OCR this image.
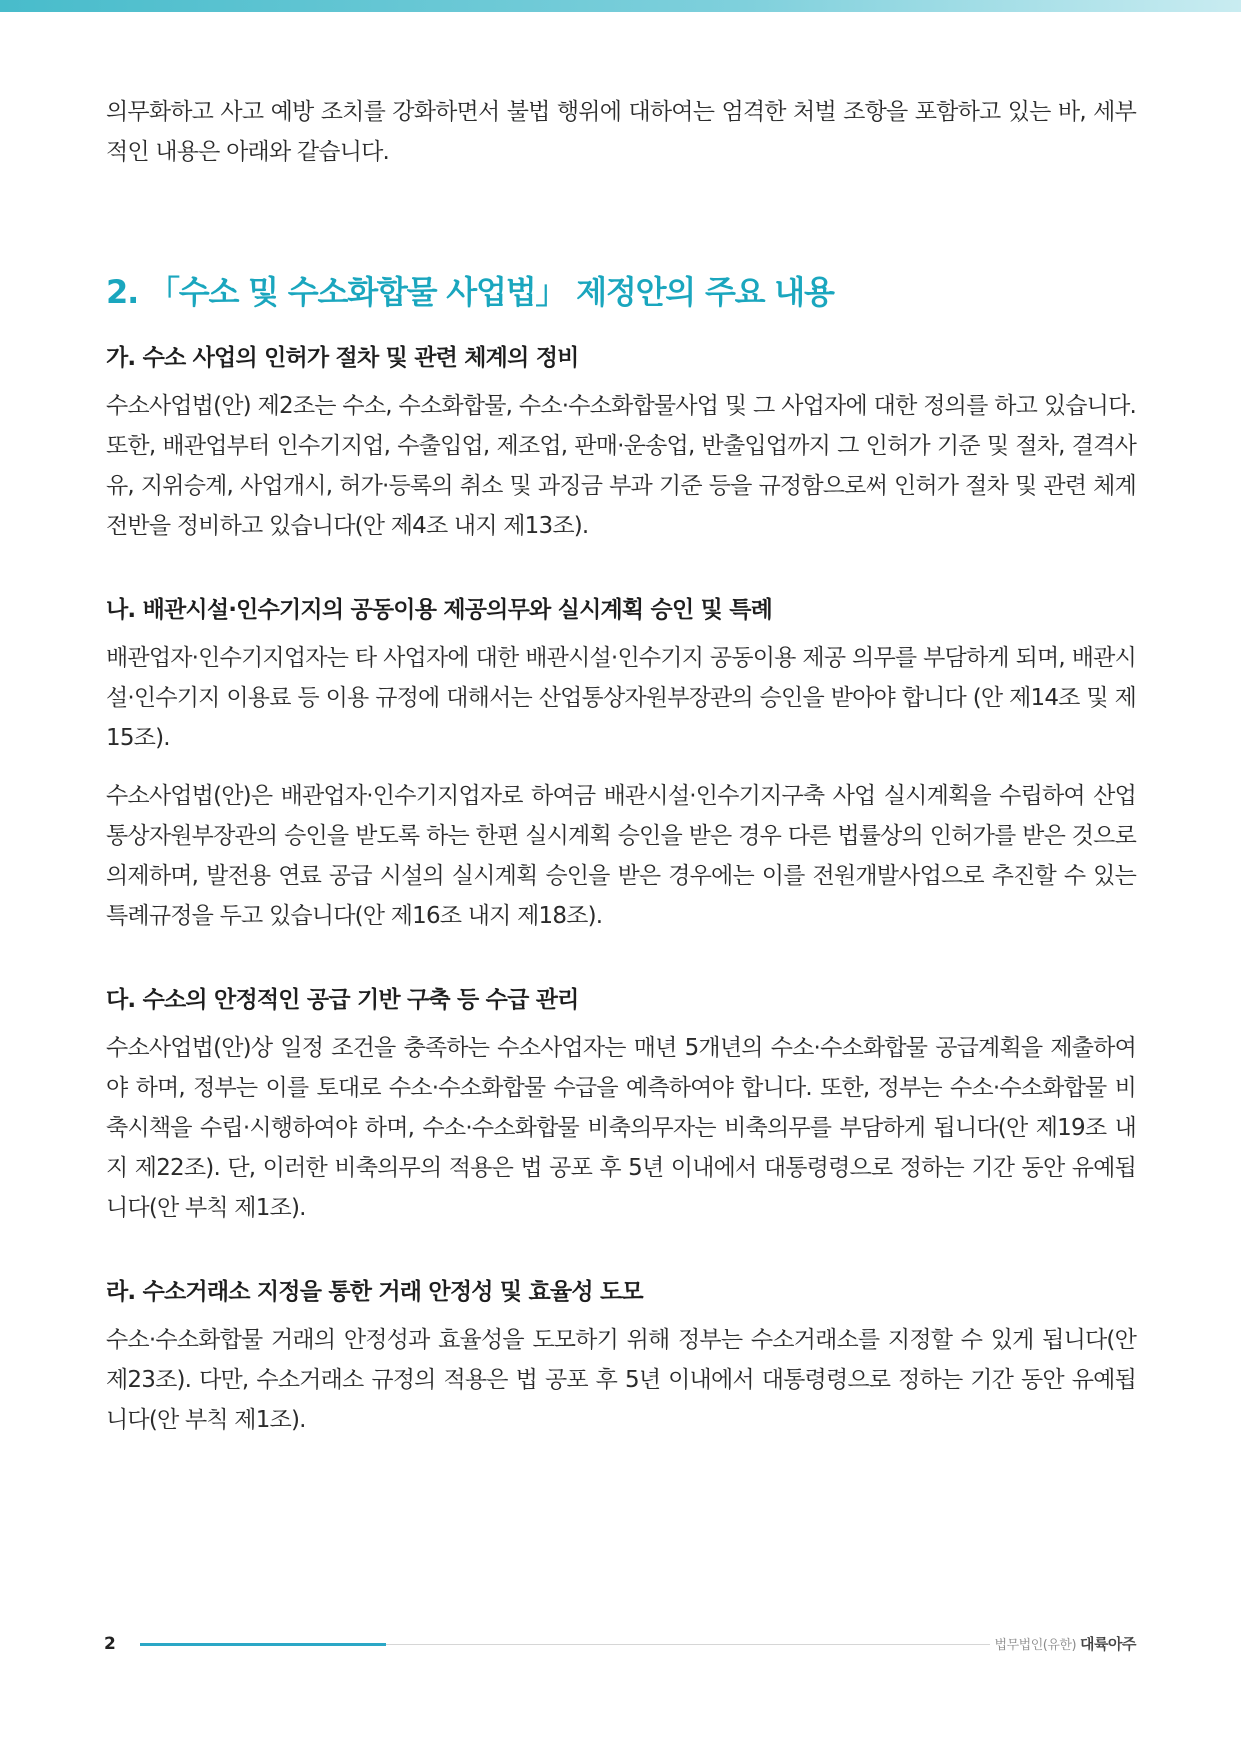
의무화하고 사고 예방 조치를 강화하면서 불법 행위에 대하여는 엄격한 처벌 조항을 포함하고 있는 바, 세부적인 내용은 아래와 같습니다.

2. 「수소 및 수소화합물 사업법」 제정안의 주요 내용
가. 수소 사업의 인허가 절차 및 관련 체계의 정비

수소사업법(안) 제2조는 수소, 수소화합물, 수소·수소화합물사업 및 그 사업자에 대한 정의를 하고 있습니다. 또한, 배관업부터 인수기지업, 수출입업, 제조업, 판매·운송업, 반출입업까지 그 인허가 기준 및 절차, 결격사유, 지위승계, 사업개시, 허가·등록의 취소 및 과징금 부과 기준 등을 규정함으로써 인허가 절차 및 관련 체계 전반을 정비하고 있습니다(안 제4조 내지 제13조).

나. 배관시설·인수기지의 공동이용 제공의무와 실시계획 승인 및 특례

배관업자·인수기지업자는 타 사업자에 대한 배관시설·인수기지 공동이용 제공 의무를 부담하게 되며, 배관시설·인수기지 이용료 등 이용 규정에 대해서는 산업통상자원부장관의 승인을 받아야 합니다 (안 제14조 및 제15조).

수소사업법(안)은 배관업자·인수기지업자로 하여금 배관시설·인수기지구축 사업 실시계획을 수립하여 산업통상자원부장관의 승인을 받도록 하는 한편 실시계획 승인을 받은 경우 다른 법률상의 인허가를 받은 것으로 의제하며, 발전용 연료 공급 시설의 실시계획 승인을 받은 경우에는 이를 전원개발사업으로 추진할 수 있는 특례규정을 두고 있습니다(안 제16조 내지 제18조).

다. 수소의 안정적인 공급 기반 구축 등 수급 관리

수소사업법(안)상 일정 조건을 충족하는 수소사업자는 매년 5개년의 수소·수소화합물 공급계획을 제출하여야 하며, 정부는 이를 토대로 수소·수소화합물 수급을 예측하여야 합니다. 또한, 정부는 수소·수소화합물 비축시책을 수립·시행하여야 하며, 수소·수소화합물 비축의무자는 비축의무를 부담하게 됩니다(안 제19조 내지 제22조). 단, 이러한 비축의무의 적용은 법 공포 후 5년 이내에서 대통령령으로 정하는 기간 동안 유예됩니다(안 부칙 제1조).

라. 수소거래소 지정을 통한 거래 안정성 및 효율성 도모

수소·수소화합물 거래의 안정성과 효율성을 도모하기 위해 정부는 수소거래소를 지정할 수 있게 됩니다(안 제23조). 다만, 수소거래소 규정의 적용은 법 공포 후 5년 이내에서 대통령령으로 정하는 기간 동안 유예됩니다(안 부칙 제1조).

2	법무법인(유한) 대륙아주
